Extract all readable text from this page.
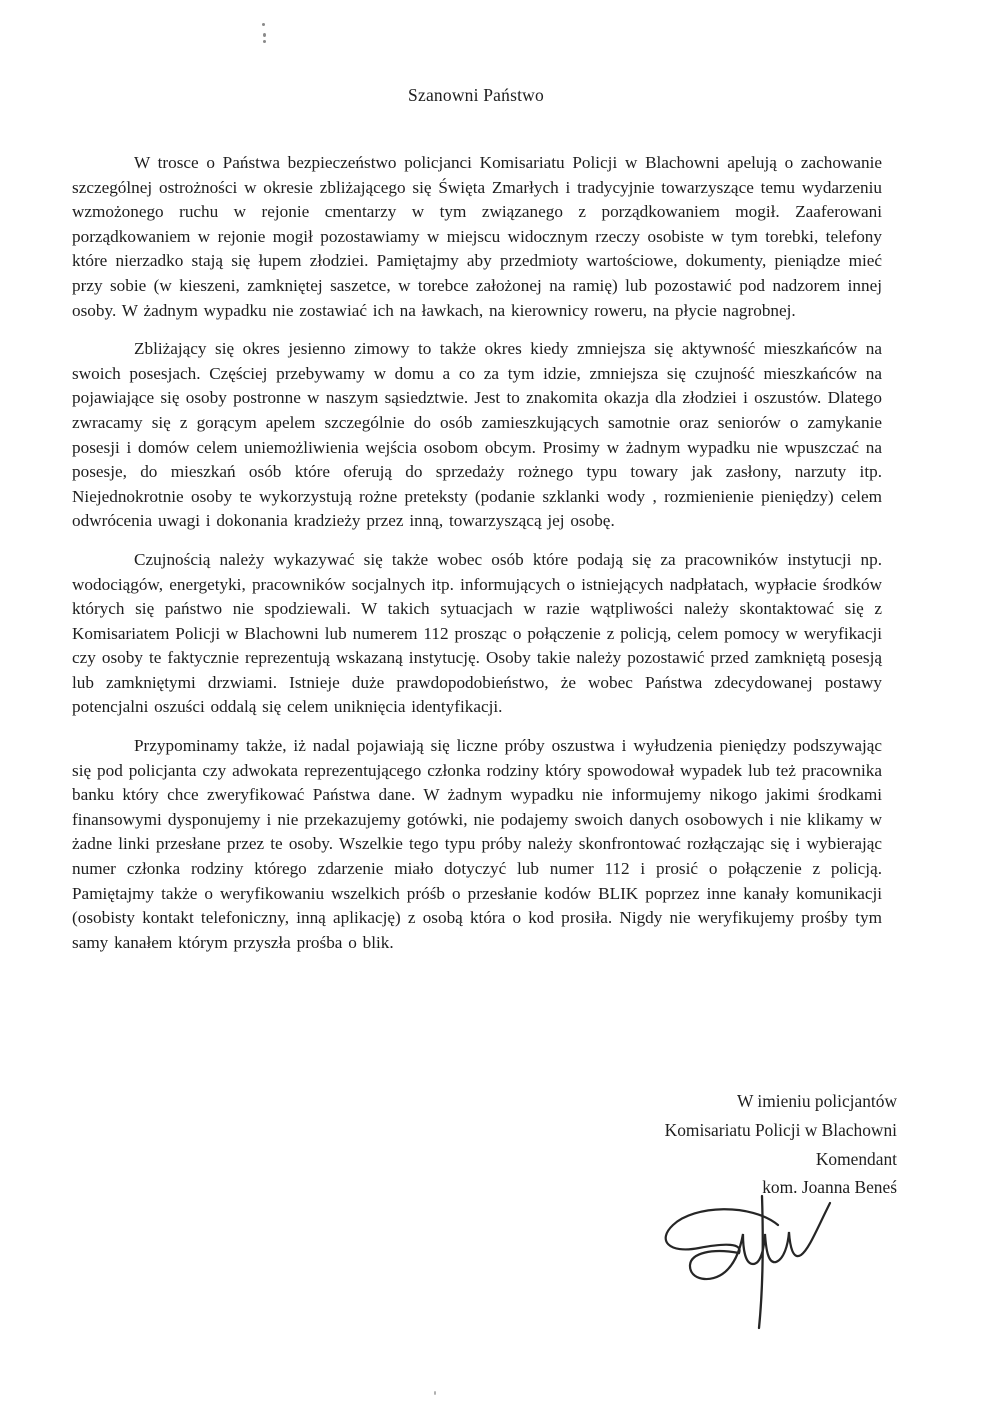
Szanowni Państwo

W trosce o Państwa bezpieczeństwo policjanci Komisariatu Policji w Blachowni apelują o zachowanie szczególnej ostrożności w okresie zbliżającego się Święta Zmarłych i tradycyjnie towarzyszące temu wydarzeniu wzmożonego ruchu w rejonie cmentarzy w tym związanego z porządkowaniem mogił. Zaaferowani porządkowaniem w rejonie mogił pozostawiamy w miejscu widocznym rzeczy osobiste w tym torebki, telefony które nierzadko stają się łupem złodziei. Pamiętajmy aby przedmioty wartościowe, dokumenty, pieniądze mieć przy sobie (w kieszeni, zamkniętej saszetce, w torebce założonej na ramię) lub pozostawić pod nadzorem innej osoby. W żadnym wypadku nie zostawiać ich na ławkach, na kierownicy roweru, na płycie nagrobnej.

Zbliżający się okres jesienno zimowy to także okres kiedy zmniejsza się aktywność mieszkańców na swoich posesjach. Częściej przebywamy w domu a co za tym idzie, zmniejsza się czujność mieszkańców na pojawiające się osoby postronne w naszym sąsiedztwie. Jest to znakomita okazja dla złodziei i oszustów. Dlatego zwracamy się z gorącym apelem szczególnie do osób zamieszkujących samotnie oraz seniorów o zamykanie posesji i domów celem uniemożliwienia wejścia osobom obcym. Prosimy w żadnym wypadku nie wpuszczać na posesje, do mieszkań osób które oferują do sprzedaży rożnego typu towary jak zasłony, narzuty itp. Niejednokrotnie osoby te wykorzystują rożne preteksty (podanie szklanki wody , rozmienienie pieniędzy) celem odwrócenia uwagi i dokonania kradzieży przez inną, towarzyszącą jej osobę.

Czujnością należy wykazywać się także wobec osób które podają się za pracowników instytucji np. wodociągów, energetyki, pracowników socjalnych itp. informujących o istniejących nadpłatach, wypłacie środków których się państwo nie spodziewali. W takich sytuacjach w razie wątpliwości należy skontaktować się z Komisariatem Policji w Blachowni lub numerem 112 prosząc o połączenie z policją, celem pomocy w weryfikacji czy osoby te faktycznie reprezentują wskazaną instytucję. Osoby takie należy pozostawić przed zamkniętą posesją lub zamkniętymi drzwiami. Istnieje duże prawdopodobieństwo, że wobec Państwa zdecydowanej postawy potencjalni oszuści oddalą się celem uniknięcia identyfikacji.

Przypominamy także, iż nadal pojawiają się liczne próby oszustwa i wyłudzenia pieniędzy podszywając się pod policjanta czy adwokata reprezentującego członka rodziny który spowodował wypadek lub też pracownika banku który chce zweryfikować Państwa dane. W żadnym wypadku nie informujemy nikogo jakimi środkami finansowymi dysponujemy i nie przekazujemy gotówki, nie podajemy swoich danych osobowych i nie klikamy w żadne linki przesłane przez te osoby. Wszelkie tego typu próby należy skonfrontować rozłączając się i wybierając numer członka rodziny którego zdarzenie miało dotyczyć lub numer 112 i prosić o połączenie z policją. Pamiętajmy także o weryfikowaniu wszelkich próśb o przesłanie kodów BLIK poprzez inne kanały komunikacji (osobisty kontakt telefoniczny, inną aplikację) z osobą która o kod prosiła. Nigdy nie weryfikujemy prośby tym samy kanałem którym przyszła prośba o blik.

W imieniu policjantów
Komisariatu Policji w Blachowni
Komendant
kom. Joanna Beneś
